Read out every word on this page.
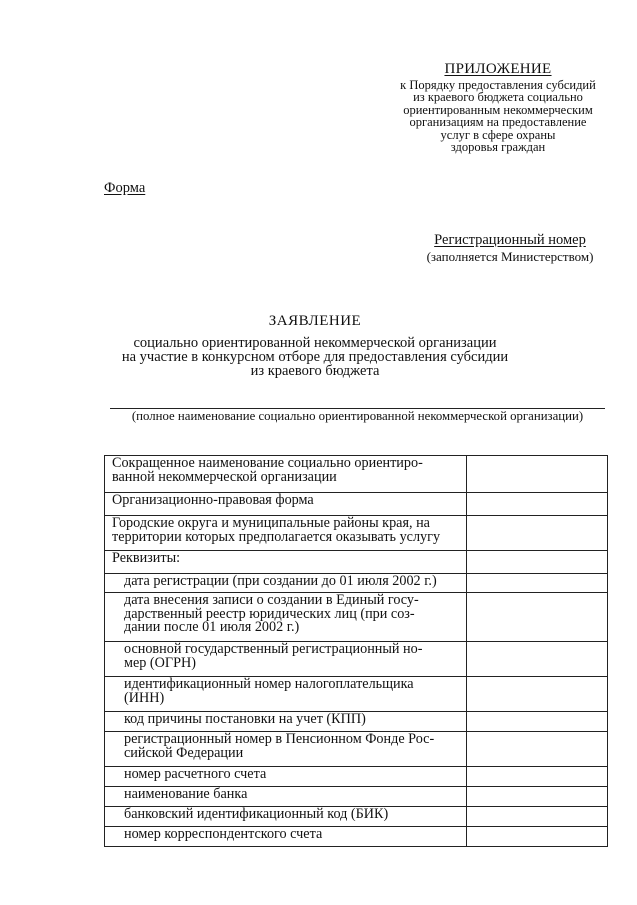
ПРИЛОЖЕНИЕ
к Порядку предоставления субсидий
из краевого бюджета социально
ориентированным некоммерческим
организациям на предоставление
услуг в сфере охраны
здоровья граждан
Форма
Регистрационный номер
(заполняется Министерством)
ЗАЯВЛЕНИЕ
социально ориентированной некоммерческой организации
на участие в конкурсном отборе для предоставления субсидии
из краевого бюджета
(полное наименование социально ориентированной некоммерческой организации)
Сокращенное наименование социально ориентиро-
ванной некоммерческой организации	

Организационно-правовая форма	

Городские округа и муниципальные районы края, на
территории которых предполагается оказывать услугу	

Реквизиты:	

дата регистрации (при создании до 01 июля 2002 г.)	

дата внесения записи о создании в Единый госу-
дарственный реестр юридических лиц (при соз-
дании после 01 июля 2002 г.)	

основной государственный регистрационный но-
мер (ОГРН)	

идентификационный номер налогоплательщика
(ИНН)	

код причины постановки на учет (КПП)	

регистрационный номер в Пенсионном Фонде Рос-
сийской Федерации	

номер расчетного счета	

наименование банка	

банковский идентификационный код (БИК)	

номер корреспондентского счета	
